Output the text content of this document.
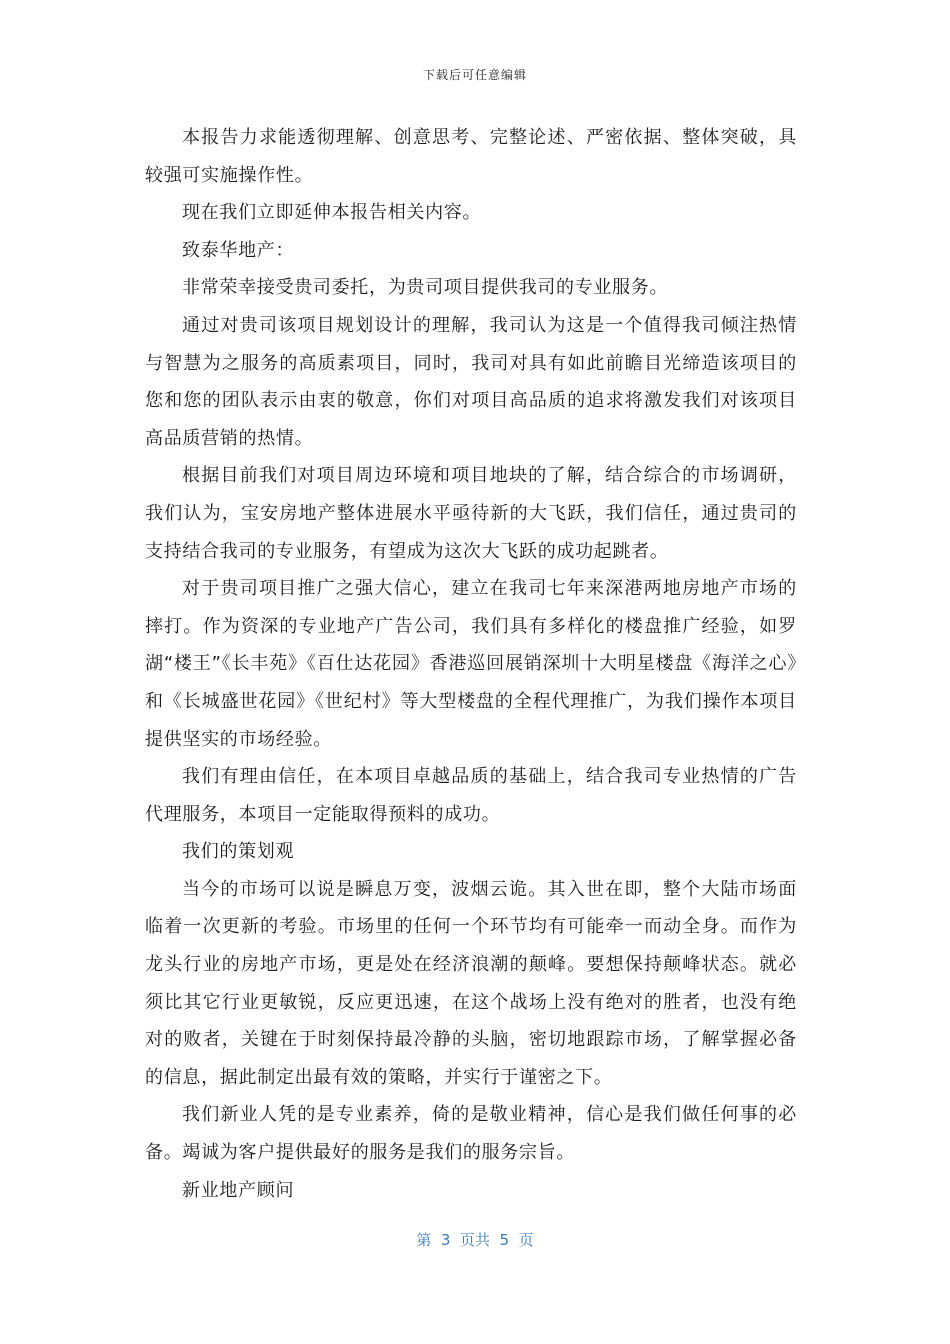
下载后可任意编辑

本报告力求能透彻理解、创意思考、完整论述、严密依据、整体突破，具较强可实施操作性。

现在我们立即延伸本报告相关内容。

致泰华地产：

非常荣幸接受贵司委托，为贵司项目提供我司的专业服务。

通过对贵司该项目规划设计的理解，我司认为这是一个值得我司倾注热情与智慧为之服务的高质素项目，同时，我司对具有如此前瞻目光缔造该项目的您和您的团队表示由衷的敬意，你们对项目高品质的追求将激发我们对该项目高品质营销的热情。

根据目前我们对项目周边环境和项目地块的了解，结合综合的市场调研，我们认为，宝安房地产整体进展水平亟待新的大飞跃，我们信任，通过贵司的支持结合我司的专业服务，有望成为这次大飞跃的成功起跳者。

对于贵司项目推广之强大信心，建立在我司七年来深港两地房地产市场的摔打。作为资深的专业地产广告公司，我们具有多样化的楼盘推广经验，如罗湖“楼王”《长丰苑》《百仕达花园》香港巡回展销深圳十大明星楼盘《海洋之心》和《长城盛世花园》《世纪村》等大型楼盘的全程代理推广，为我们操作本项目提供坚实的市场经验。

我们有理由信任，在本项目卓越品质的基础上，结合我司专业热情的广告代理服务，本项目一定能取得预料的成功。

我们的策划观

当今的市场可以说是瞬息万变，波烟云诡。其入世在即，整个大陆市场面临着一次更新的考验。市场里的任何一个环节均有可能牵一而动全身。而作为龙头行业的房地产市场，更是处在经济浪潮的颠峰。要想保持颠峰状态。就必须比其它行业更敏锐，反应更迅速，在这个战场上没有绝对的胜者，也没有绝对的败者，关键在于时刻保持最冷静的头脑，密切地跟踪市场，了解掌握必备的信息，据此制定出最有效的策略，并实行于谨密之下。

我们新业人凭的是专业素养，倚的是敬业精神，信心是我们做任何事的必备。竭诚为客户提供最好的服务是我们的服务宗旨。

新业地产顾问

第  3  页共  5  页
